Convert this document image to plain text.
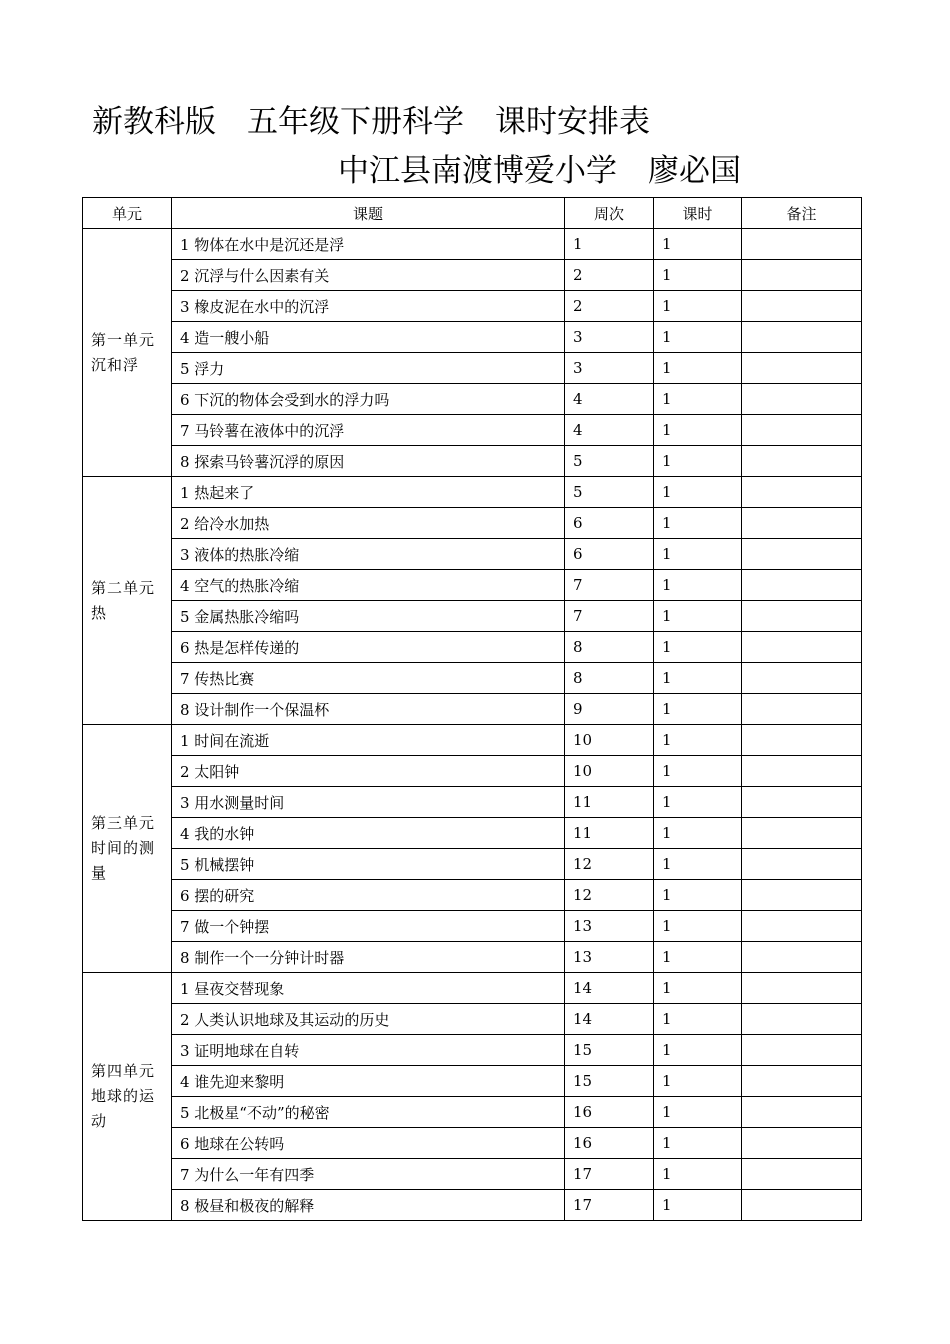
新教科版　五年级下册科学　课时安排表
中江县南渡博爱小学　廖必国
单元	课题	周次	课时	备注
第一单元沉和浮	1 物体在水中是沉还是浮	1	1	
	2 沉浮与什么因素有关	2	1	
	3 橡皮泥在水中的沉浮	2	1	
	4 造一艘小船	3	1	
	5 浮力	3	1	
	6 下沉的物体会受到水的浮力吗	4	1	
	7 马铃薯在液体中的沉浮	4	1	
	8 探索马铃薯沉浮的原因	5	1	
第二单元热	1 热起来了	5	1	
	2 给冷水加热	6	1	
	3 液体的热胀冷缩	6	1	
	4 空气的热胀冷缩	7	1	
	5 金属热胀冷缩吗	7	1	
	6 热是怎样传递的	8	1	
	7 传热比赛	8	1	
	8 设计制作一个保温杯	9	1	
第三单元时间的测量	1 时间在流逝	10	1	
	2 太阳钟	10	1	
	3 用水测量时间	11	1	
	4 我的水钟	11	1	
	5 机械摆钟	12	1	
	6 摆的研究	12	1	
	7 做一个钟摆	13	1	
	8 制作一个一分钟计时器	13	1	
第四单元地球的运动	1 昼夜交替现象	14	1	
	2 人类认识地球及其运动的历史	14	1	
	3 证明地球在自转	15	1	
	4 谁先迎来黎明	15	1	
	5 北极星“不动”的秘密	16	1	
	6 地球在公转吗	16	1	
	7 为什么一年有四季	17	1	
	8 极昼和极夜的解释	17	1	
